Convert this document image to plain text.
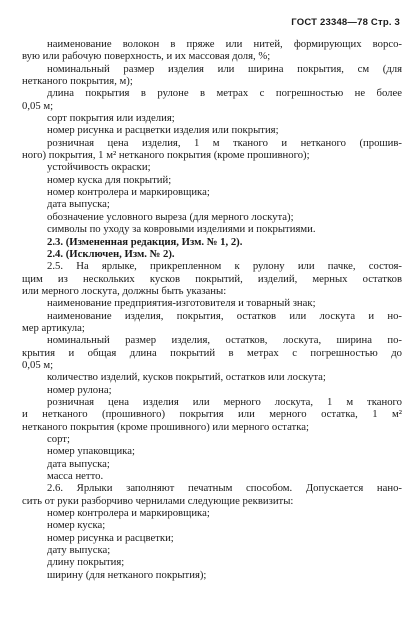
ГОСТ 23348—78 Стр. 3
наименование волокон в пряже или нитей, формирующих ворсо-
вую или рабочую поверхность, и их массовая доля, %;
номинальный размер изделия или ширина покрытия, см (для
нетканого покрытия, м);
длина покрытия в рулоне в метрах с погрешностью не более
0,05 м;
сорт покрытия или изделия;
номер рисунка и расцветки изделия или покрытия;
розничная цена изделия, 1 м тканого и нетканого (прошив-
ного) покрытия, 1 м² нетканого покрытия (кроме прошивного);
устойчивость окраски;
номер куска для покрытий;
номер контролера и маркировщика;
дата выпуска;
обозначение условного выреза (для мерного лоскута);
символы по уходу за ковровыми изделиями и покрытиями.
2.3. (Измененная редакция, Изм. № 1, 2).
2.4. (Исключен, Изм. № 2).
2.5. На ярлыке, прикрепленном к рулону или пачке, состоя-
щим из нескольких кусков покрытий, изделий, мерных остатков
или мерного лоскута, должны быть указаны:
наименование предприятия-изготовителя и товарный знак;
наименование изделия, покрытия, остатков или лоскута и но-
мер артикула;
номинальный размер изделия, остатков, лоскута, ширина по-
крытия и общая длина покрытий в метрах с погрешностью до
0,05 м;
количество изделий, кусков покрытий, остатков или лоскута;
номер рулона;
розничная цена изделия или мерного лоскута, 1 м тканого
и нетканого (прошивного) покрытия или мерного остатка, 1 м²
нетканого покрытия (кроме прошивного) или мерного остатка;
сорт;
номер упаковщика;
дата выпуска;
масса нетто.
2.6. Ярлыки заполняют печатным способом. Допускается нано-
сить от руки разборчиво чернилами следующие реквизиты:
номер контролера и маркировщика;
номер куска;
номер рисунка и расцветки;
дату выпуска;
длину покрытия;
ширину (для нетканого покрытия);
